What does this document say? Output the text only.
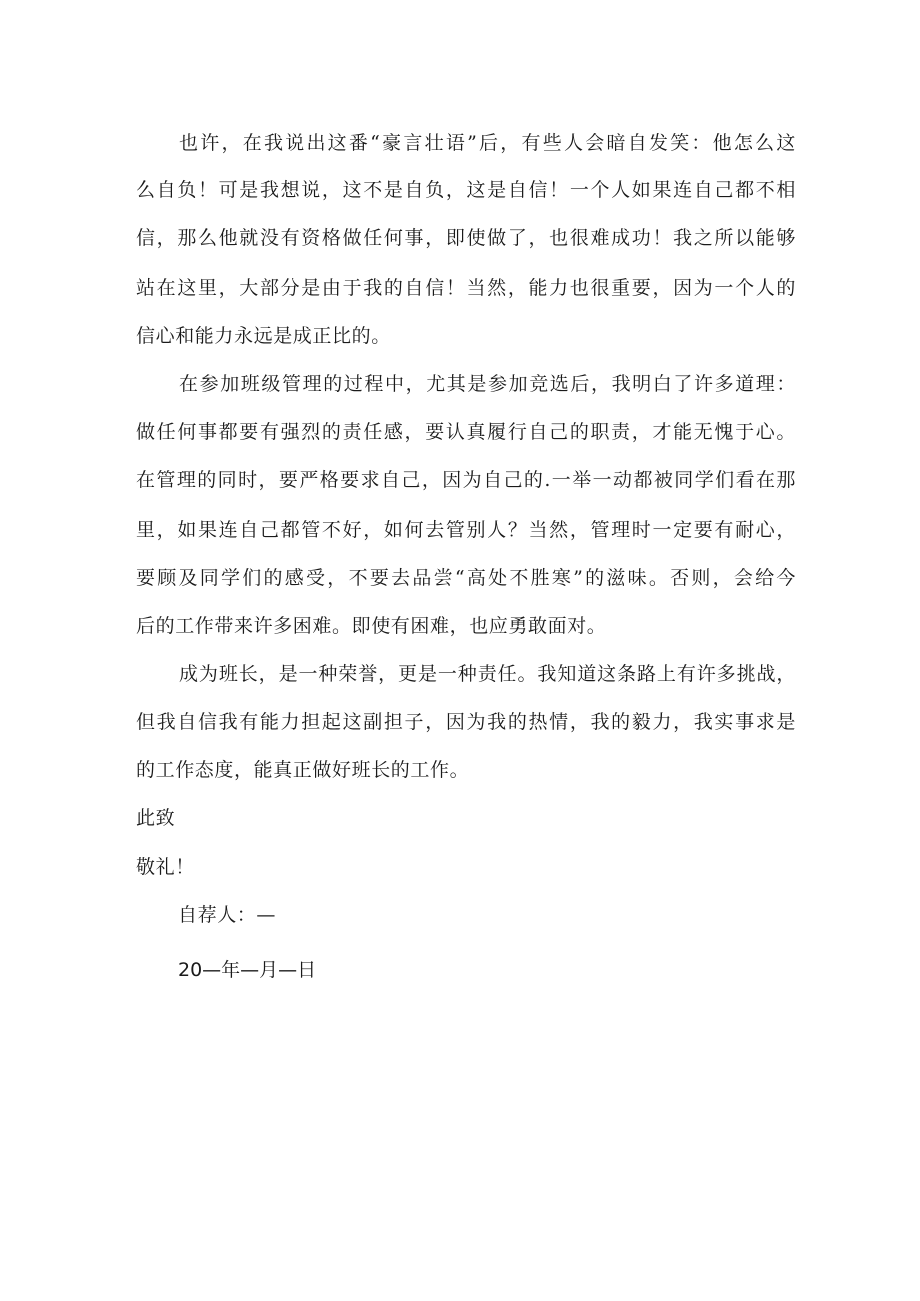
也许，在我说出这番“豪言壮语”后，有些人会暗自发笑：他怎么这
么自负！可是我想说，这不是自负，这是自信！一个人如果连自己都不相
信，那么他就没有资格做任何事，即使做了，也很难成功！我之所以能够
站在这里，大部分是由于我的自信！当然，能力也很重要，因为一个人的
信心和能力永远是成正比的。
在参加班级管理的过程中，尤其是参加竞选后，我明白了许多道理：
做任何事都要有强烈的责任感，要认真履行自己的职责，才能无愧于心。
在管理的同时，要严格要求自己，因为自己的.一举一动都被同学们看在那
里，如果连自己都管不好，如何去管别人？当然，管理时一定要有耐心，
要顾及同学们的感受，不要去品尝“高处不胜寒”的滋味。否则，会给今
后的工作带来许多困难。即使有困难，也应勇敢面对。
成为班长，是一种荣誉，更是一种责任。我知道这条路上有许多挑战，
但我自信我有能力担起这副担子，因为我的热情，我的毅力，我实事求是
的工作态度，能真正做好班长的工作。
此致
敬礼！
自荐人：—
20—年—月—日
